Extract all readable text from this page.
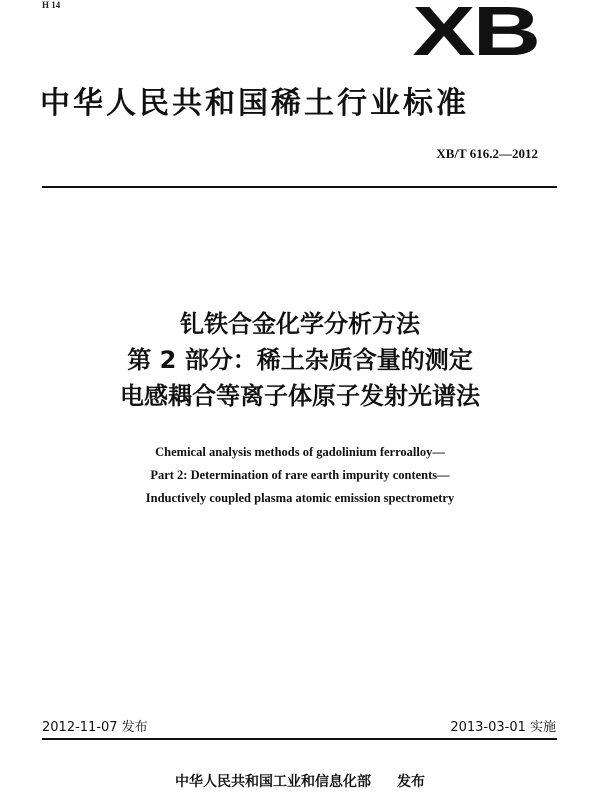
H 14	XB
中华人民共和国稀土行业标准
XB/T 616.2—2012
钆铁合金化学分析方法
第 2 部分：稀土杂质含量的测定
电感耦合等离子体原子发射光谱法
Chemical analysis methods of gadolinium ferroalloy—
Part 2: Determination of rare earth impurity contents—
Inductively coupled plasma atomic emission spectrometry
2012-11-07 发布	2013-03-01 实施
中华人民共和国工业和信息化部 发布
